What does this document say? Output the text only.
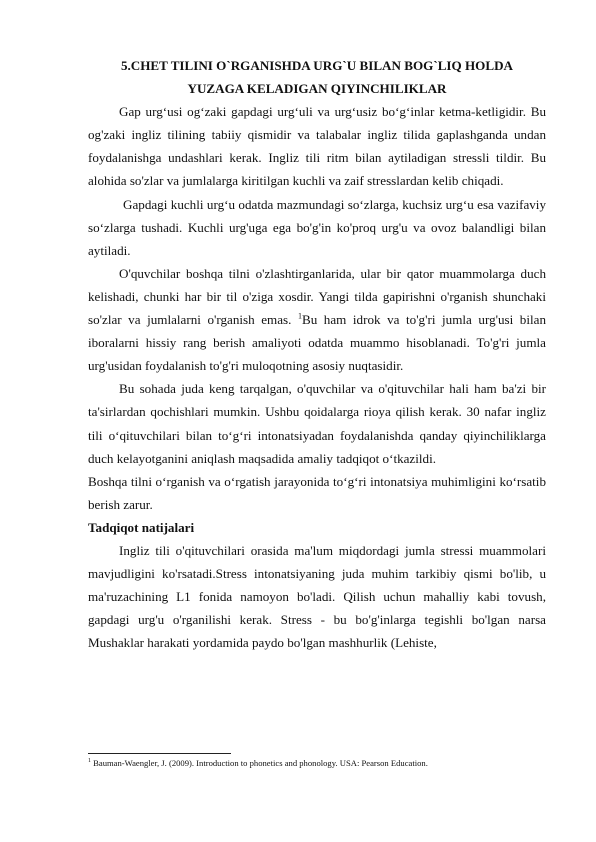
5.CHET TILINI O`RGANISHDA URG`U BILAN BOG`LIQ HOLDA

YUZAGA KELADIGAN QIYINCHILIKLAR

Gap urg‘usi og‘zaki gapdagi urg‘uli va urg‘usiz bo‘g‘inlar ketma-ketligidir. Bu og'zaki ingliz tilining tabiiy qismidir va talabalar ingliz tilida gaplashganda undan foydalanishga undashlari kerak. Ingliz tili ritm bilan aytiladigan stressli tildir. Bu alohida so'zlar va jumlalarga kiritilgan kuchli va zaif stresslardan kelib chiqadi.

Gapdagi kuchli urg‘u odatda mazmundagi so‘zlarga, kuchsiz urg‘u esa vazifaviy so‘zlarga tushadi. Kuchli urg'uga ega bo'g'in ko'proq urg'u va ovoz balandligi bilan aytiladi.

O'quvchilar boshqa tilni o'zlashtirganlarida, ular bir qator muammolarga duch kelishadi, chunki har bir til o'ziga xosdir. Yangi tilda gapirishni o'rganish shunchaki so'zlar va jumlalarni o'rganish emas. $^1$Bu ham idrok va to'g'ri jumla urg'usi bilan iboralarni hissiy rang berish amaliyoti odatda muammo hisoblanadi. To'g'ri jumla urg'usidan foydalanish to'g'ri muloqotning asosiy nuqtasidir.

Bu sohada juda keng tarqalgan, o'quvchilar va o'qituvchilar hali ham ba'zi bir ta'sirlardan qochishlari mumkin. Ushbu qoidalarga rioya qilish kerak. 30 nafar ingliz tili o‘qituvchilari bilan to‘g‘ri intonatsiyadan foydalanishda qanday qiyinchiliklarga duch kelayotganini aniqlash maqsadida amaliy tadqiqot o‘tkazildi.

Boshqa tilni o‘rganish va o‘rgatish jarayonida to‘g‘ri intonatsiya muhimligini ko‘rsatib berish zarur.

Tadqiqot natijalari

Ingliz tili o'qituvchilari orasida ma'lum miqdordagi jumla stressi muammolari mavjudligini ko'rsatadi.Stress intonatsiyaning juda muhim tarkibiy qismi bo'lib, u ma'ruzachining L1 fonida namoyon bo'ladi. Qilish uchun mahalliy kabi tovush, gapdagi urg'u o'rganilishi kerak. Stress - bu bo'g'inlarga tegishli bo'lgan narsa Mushaklar harakati yordamida paydo bo'lgan mashhurlik (Lehiste,

$^1$ Bauman-Waengler, J. (2009). Introduction to phonetics and phonology. USA: Pearson Education.
